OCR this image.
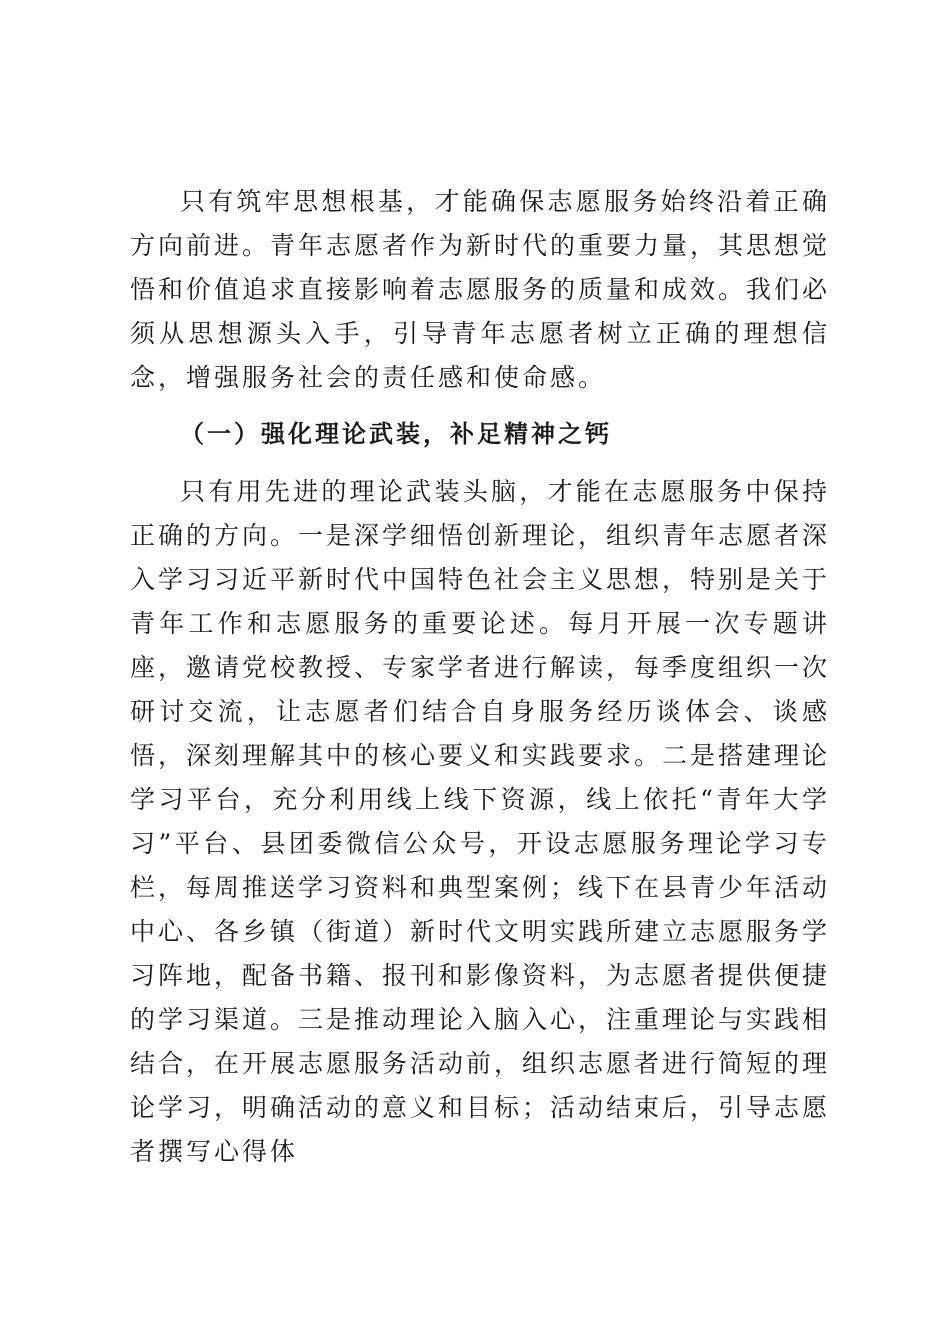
只有筑牢思想根基，才能确保志愿服务始终沿着正确方向前进。青年志愿者作为新时代的重要力量，其思想觉悟和价值追求直接影响着志愿服务的质量和成效。我们必须从思想源头入手，引导青年志愿者树立正确的理想信念，增强服务社会的责任感和使命感。

（一）强化理论武装，补足精神之钙

只有用先进的理论武装头脑，才能在志愿服务中保持正确的方向。一是深学细悟创新理论，组织青年志愿者深入学习习近平新时代中国特色社会主义思想，特别是关于青年工作和志愿服务的重要论述。每月开展一次专题讲座，邀请党校教授、专家学者进行解读，每季度组织一次研讨交流，让志愿者们结合自身服务经历谈体会、谈感悟，深刻理解其中的核心要义和实践要求。二是搭建理论学习平台，充分利用线上线下资源，线上依托“青年大学习”平台、县团委微信公众号，开设志愿服务理论学习专栏，每周推送学习资料和典型案例；线下在县青少年活动中心、各乡镇（街道）新时代文明实践所建立志愿服务学习阵地，配备书籍、报刊和影像资料，为志愿者提供便捷的学习渠道。三是推动理论入脑入心，注重理论与实践相结合，在开展志愿服务活动前，组织志愿者进行简短的理论学习，明确活动的意义和目标；活动结束后，引导志愿者撰写心得体
